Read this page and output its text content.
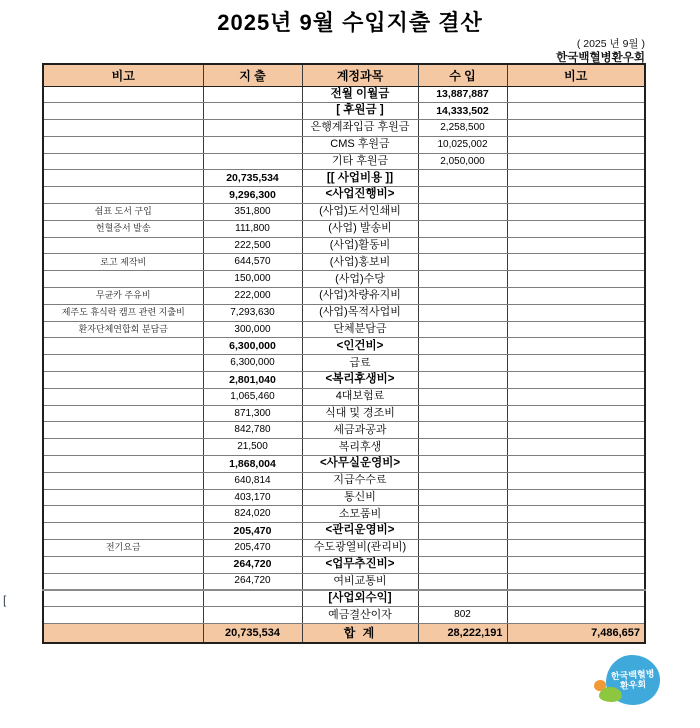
2025년 9월 수입지출 결산
( 2025 년 9월 )
한국백혈병환우회
비고	지 출	계정과목	수 입	비고
		전월 이월금	13,887,887	
		[ 후원금 ]	14,333,502	
		은행계좌입금 후원금	2,258,500	
		CMS 후원금	10,025,002	
		기타 후원금	2,050,000	
	20,735,534	[[ 사업비용 ]]		
	9,296,300	<사업진행비>		
쉼표 도서 구입	351,800	(사업)도서인쇄비		
헌혈증서 발송	111,800	(사업) 발송비		
	222,500	(사업)활동비		
로고 제작비	644,570	(사업)홍보비		
	150,000	(사업)수당		
무균카 주유비	222,000	(사업)차량유지비		
제주도 휴식락 캠프 관련 지출비	7,293,630	(사업)목적사업비		
환자단체연합회 분담금	300,000	단체분담금		
	6,300,000	<인건비>		
	6,300,000	급료		
	2,801,040	<복리후생비>		
	1,065,460	4대보험료		
	871,300	식대 및 경조비		
	842,780	세금과공과		
	21,500	복리후생		
	1,868,004	<사무실운영비>		
	640,814	지급수수료		
	403,170	통신비		
	824,020	소모품비		
	205,470	<관리운영비>		
전기요금	205,470	수도광열비(관리비)		
	264,720	<업무추진비>		
	264,720	여비교통비		
		[사업외수익]		
		예금결산이자	802	
	20,735,534	합 계	28,222,191	7,486,657
[
한국백혈병
환우회
